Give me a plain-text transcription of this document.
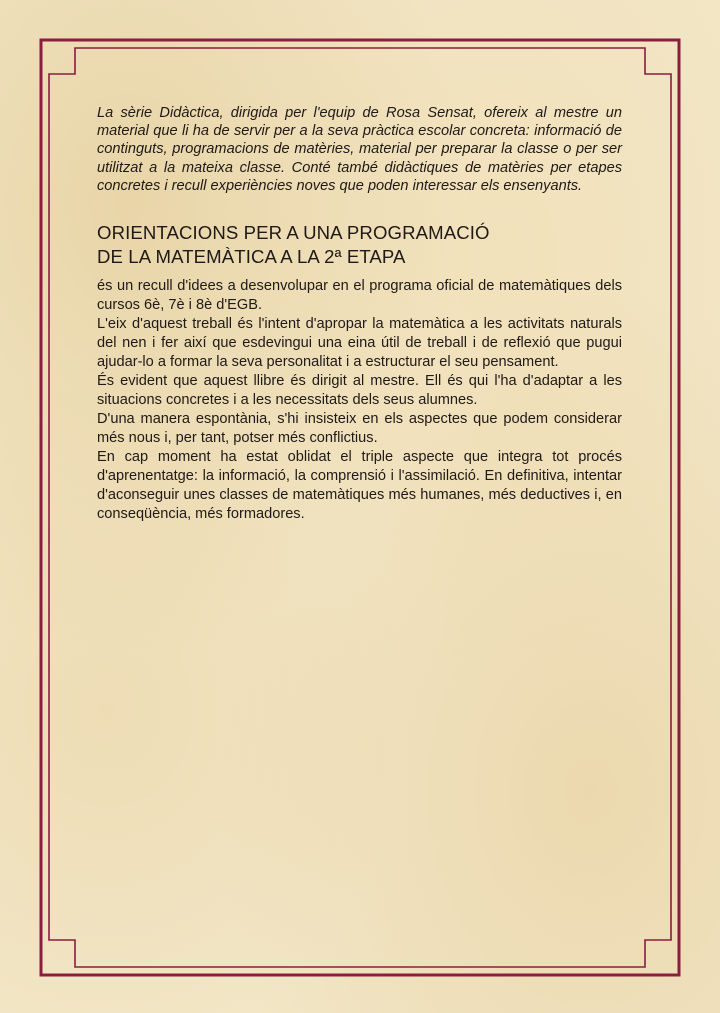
La sèrie Didàctica, dirigida per l'equip de Rosa Sensat, ofereix al mestre un material que li ha de servir per a la seva pràctica escolar concreta: informació de continguts, programacions de matèries, material per preparar la classe o per ser utilitzat a la mateixa classe. Conté també didàctiques de matèries per etapes concretes i recull experiències noves que poden interessar els ensenyants.

ORIENTACIONS PER A UNA PROGRAMACIÓ
DE LA MATEMÀTICA A LA 2ª ETAPA

és un recull d'idees a desenvolupar en el programa oficial de matemàtiques dels cursos 6è, 7è i 8è d'EGB.

L'eix d'aquest treball és l'intent d'apropar la matemàtica a les activitats naturals del nen i fer així que esdevingui una eina útil de treball i de reflexió que pugui ajudar-lo a formar la seva personalitat i a estructurar el seu pensament.

És evident que aquest llibre és dirigit al mestre. Ell és qui l'ha d'adaptar a les situacions concretes i a les necessitats dels seus alumnes.

D'una manera espontània, s'hi insisteix en els aspectes que podem considerar més nous i, per tant, potser més conflictius.

En cap moment ha estat oblidat el triple aspecte que integra tot procés d'aprenentatge: la informació, la comprensió i l'assimilació. En definitiva, intentar d'aconseguir unes classes de matemàtiques més humanes, més deductives i, en conseqüència, més formadores.
